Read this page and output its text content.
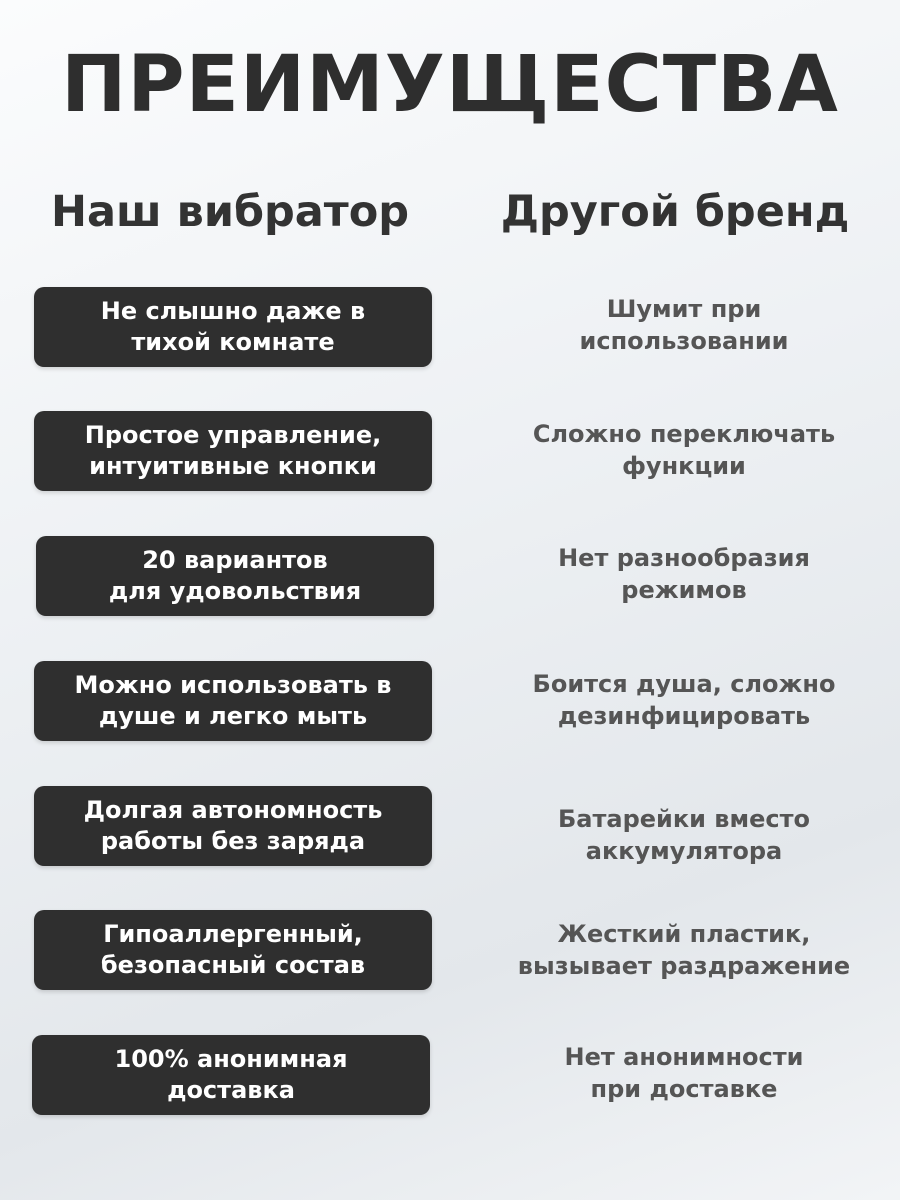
ПРЕИМУЩЕСТВА
Наш вибратор	Другой бренд
Не слышно даже в
тихой комнате
Шумит при
использовании
Простое управление,
интуитивные кнопки
Сложно переключать
функции
20 вариантов
для удовольствия
Нет разнообразия
режимов
Можно использовать в
душе и легко мыть
Боится душа, сложно
дезинфицировать
Долгая автономность
работы без заряда
Батарейки вместо
аккумулятора
Гипоаллергенный,
безопасный состав
Жесткий пластик,
вызывает раздражение
100% анонимная
доставка
Нет анонимности
при доставке
